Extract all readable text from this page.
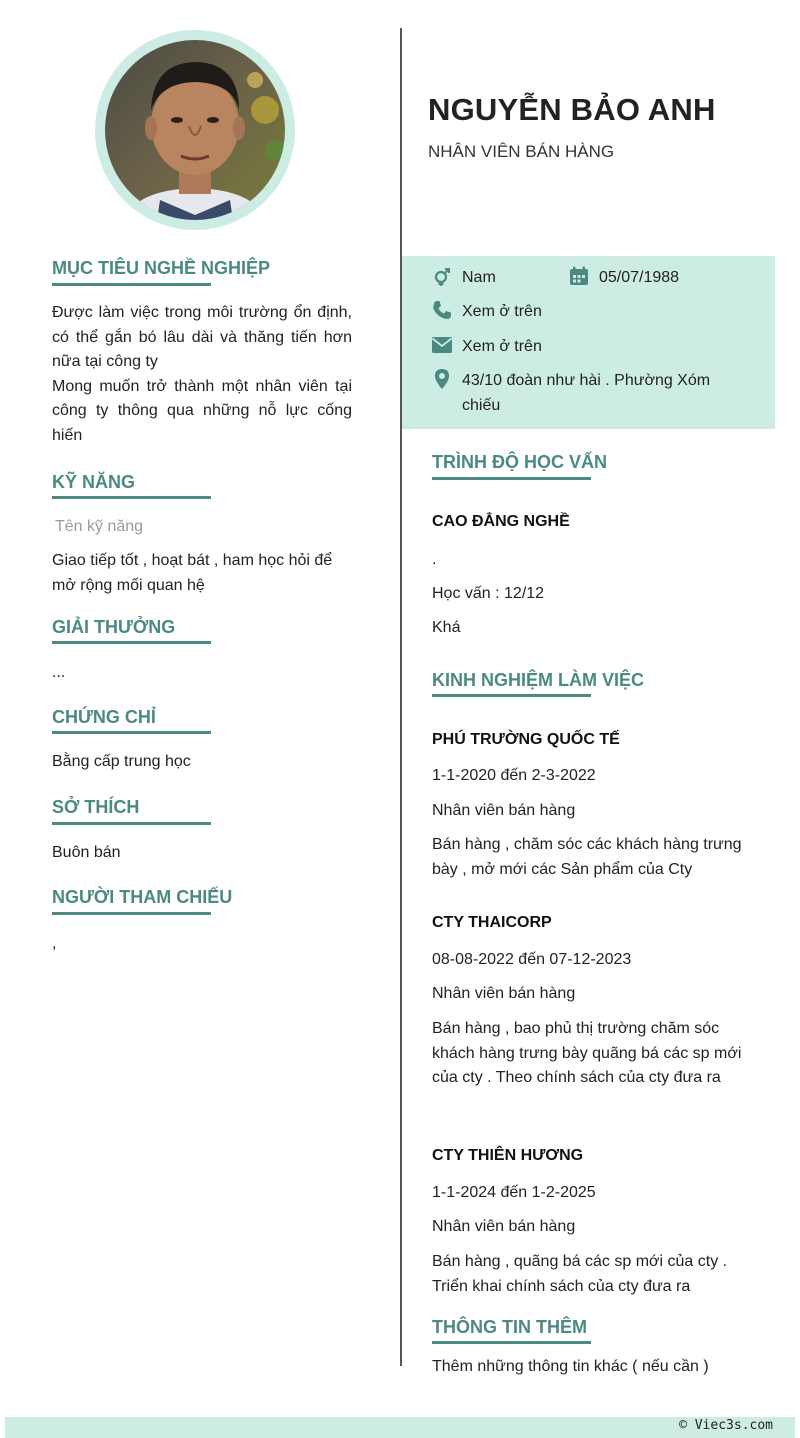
MỤC TIÊU NGHỀ NGHIỆP
Được làm việc trong môi trường ổn định, có thể gắn bó lâu dài và thăng tiến hơn nữa tại công ty
Mong muốn trở thành một nhân viên tại công ty thông qua những nỗ lực cống hiến
KỸ NĂNG
Tên kỹ năng
Giao tiếp tốt , hoạt bát , ham học hỏi để mở rộng mối quan hệ
GIẢI THƯỞNG
...
CHỨNG CHỈ
Bằng cấp trung học
SỞ THÍCH
Buôn bán
NGƯỜI THAM CHIẾU
,
NGUYỄN BẢO ANH
NHÂN VIÊN BÁN HÀNG
Nam	05/07/1988
Xem ở trên
Xem ở trên
43/10 đoàn như hài . Phường Xóm chiếu
TRÌNH ĐỘ HỌC VẤN
CAO ĐẲNG NGHỀ
.
Học vấn : 12/12
Khá
KINH NGHIỆM LÀM VIỆC
PHÚ TRƯỜNG QUỐC TẾ
1-1-2020 đến 2-3-2022
Nhân viên bán hàng
Bán hàng , chăm sóc các khách hàng trưng bày , mở mới các Sản phẩm của Cty
CTY THAICORP
08-08-2022 đến 07-12-2023
Nhân viên bán hàng
Bán hàng , bao phủ thị trường chăm sóc khách hàng trưng bày quãng bá các sp mới của cty . Theo chính sách của cty đưa ra
CTY THIÊN HƯƠNG
1-1-2024 đến 1-2-2025
Nhân viên bán hàng
Bán hàng , quãng bá các sp mới của cty . Triển khai chính sách của cty đưa ra
THÔNG TIN THÊM
Thêm những thông tin khác ( nếu cần )
© Viec3s.com
